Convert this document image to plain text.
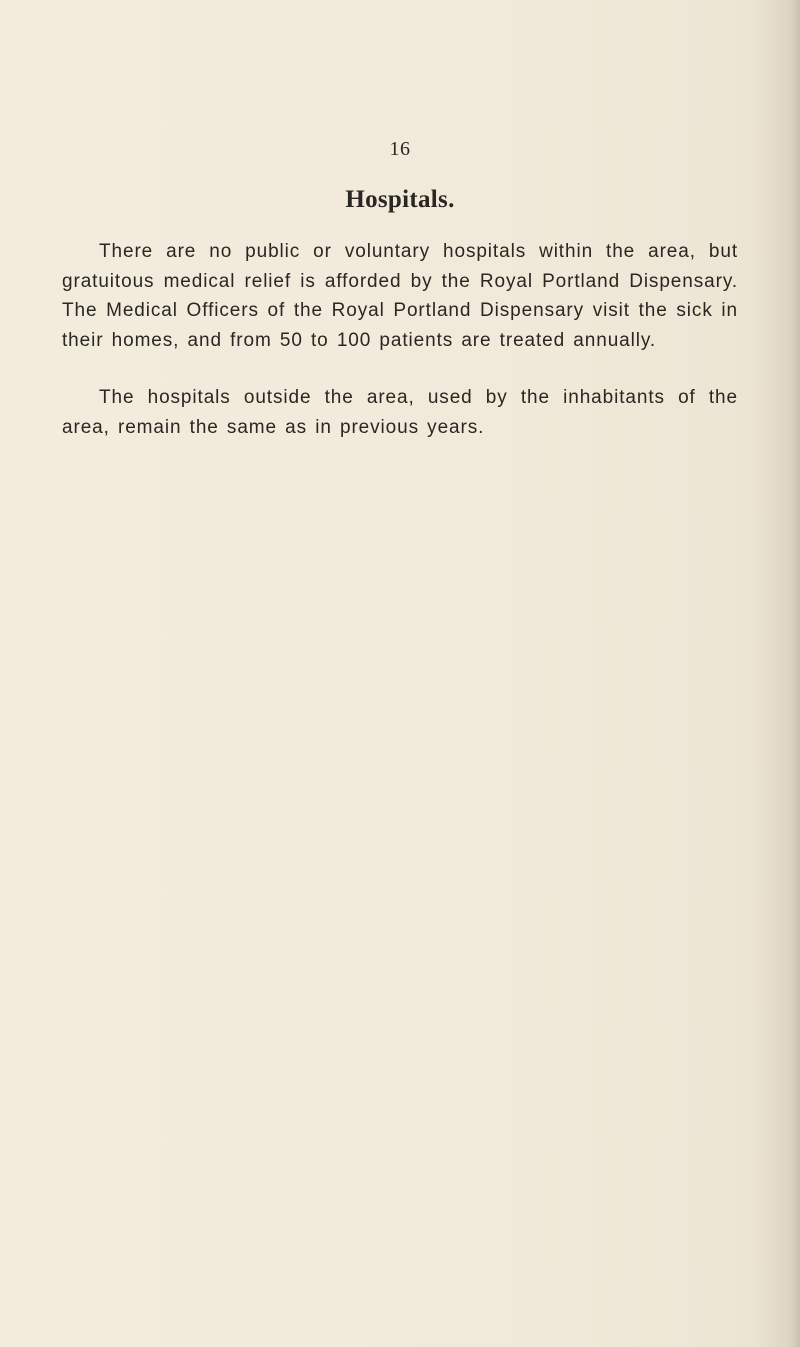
16

Hospitals.

There are no public or voluntary hospitals within the area, but gratuitous medical relief is afforded by the Royal Portland Dispensary. The Medical Officers of the Royal Portland Dispensary visit the sick in their homes, and from 50 to 100 patients are treated annually.

The hospitals outside the area, used by the inhabitants of the area, remain the same as in previous years.
